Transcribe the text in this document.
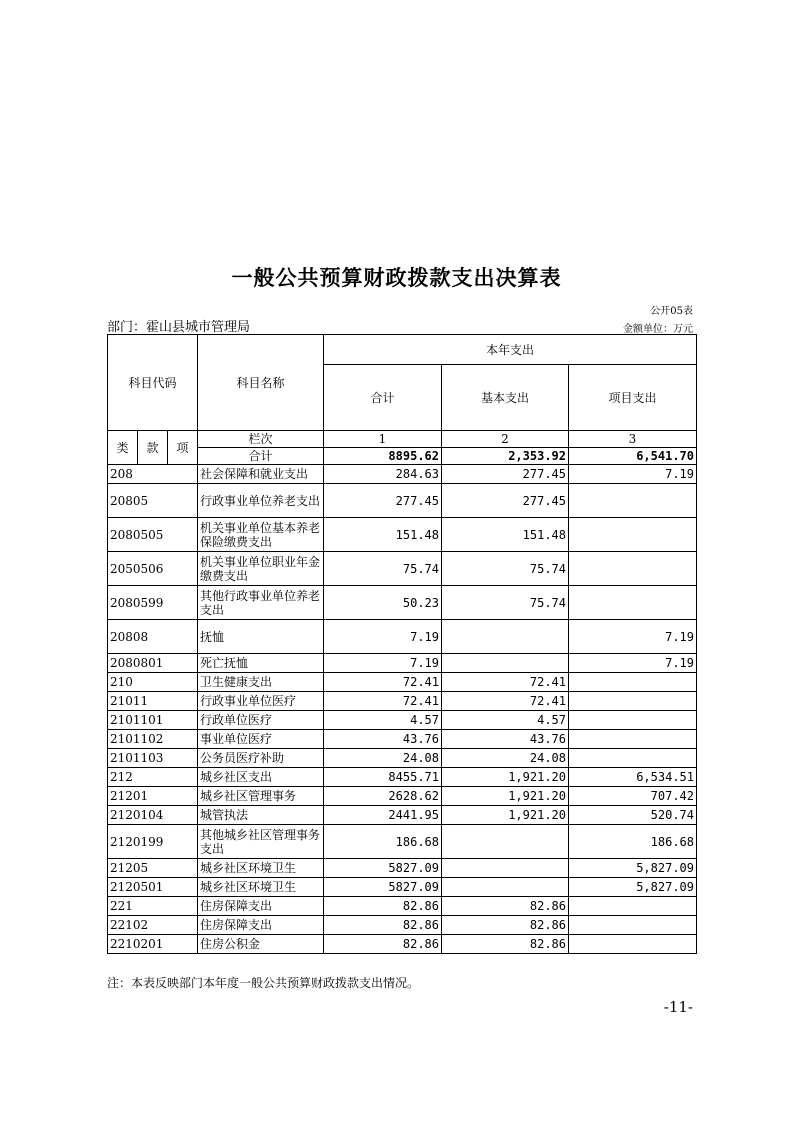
一般公共预算财政拨款支出决算表
公开05表
部门：霍山县城市管理局	金额单位：万元
科目代码			科目名称	本年支出		
				合计	基本支出	项目支出
类	款	项	栏次	1	2	3
			合计	8895.62	2,353.92	6,541.70
208			社会保障和就业支出	284.63	277.45	7.19
20805			行政事业单位养老支出	277.45	277.45	
2080505			机关事业单位基本养老保险缴费支出	151.48	151.48	
2050506			机关事业单位职业年金缴费支出	75.74	75.74	
2080599			其他行政事业单位养老支出	50.23	75.74	
20808			抚恤	7.19		7.19
2080801			死亡抚恤	7.19		7.19
210			卫生健康支出	72.41	72.41	
21011			行政事业单位医疗	72.41	72.41	
2101101			行政单位医疗	4.57	4.57	
2101102			事业单位医疗	43.76	43.76	
2101103			公务员医疗补助	24.08	24.08	
212			城乡社区支出	8455.71	1,921.20	6,534.51
21201			城乡社区管理事务	2628.62	1,921.20	707.42
2120104			城管执法	2441.95	1,921.20	520.74
2120199			其他城乡社区管理事务支出	186.68		186.68
21205			城乡社区环境卫生	5827.09		5,827.09
2120501			城乡社区环境卫生	5827.09		5,827.09
221			住房保障支出	82.86	82.86	
22102			住房保障支出	82.86	82.86	
2210201			住房公积金	82.86	82.86	
注：本表反映部门本年度一般公共预算财政拨款支出情况。
-11-
